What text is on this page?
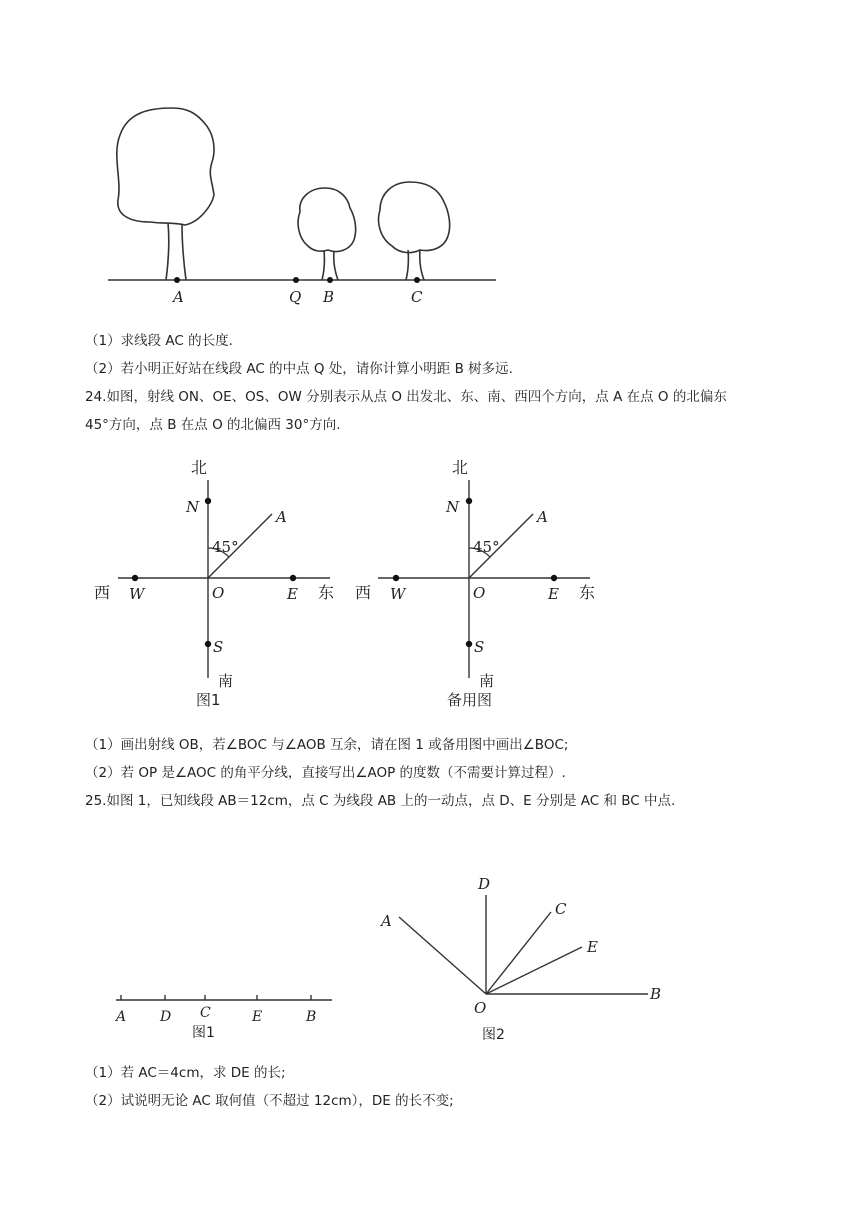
A	Q B	C
（1）求线段 AC 的长度.
（2）若小明正好站在线段 AC 的中点 Q 处，请你计算小明距 B 树多远.
24.如图，射线 ON、OE、OS、OW 分别表示从点 O 出发北、东、南、西四个方向，点 A 在点 O 的北偏东
45°方向，点 B 在点 O 的北偏西 30°方向.
北
N
A
45°
西 W	O	E 东
S
南
图1
北
N
A
45°
西 W	O	E 东
S
南
备用图
（1）画出射线 OB，若∠BOC 与∠AOB 互余，请在图 1 或备用图中画出∠BOC;
（2）若 OP 是∠AOC 的角平分线，直接写出∠AOP 的度数（不需要计算过程）.
25.如图 1，已知线段 AB＝12cm，点 C 为线段 AB 上的一动点，点 D、E 分别是 AC 和 BC 中点.
A D C	E	B
图1
D
C
A
E
O
B
图2
（1）若 AC＝4cm，求 DE 的长;
（2）试说明无论 AC 取何值（不超过 12cm），DE 的长不变;
